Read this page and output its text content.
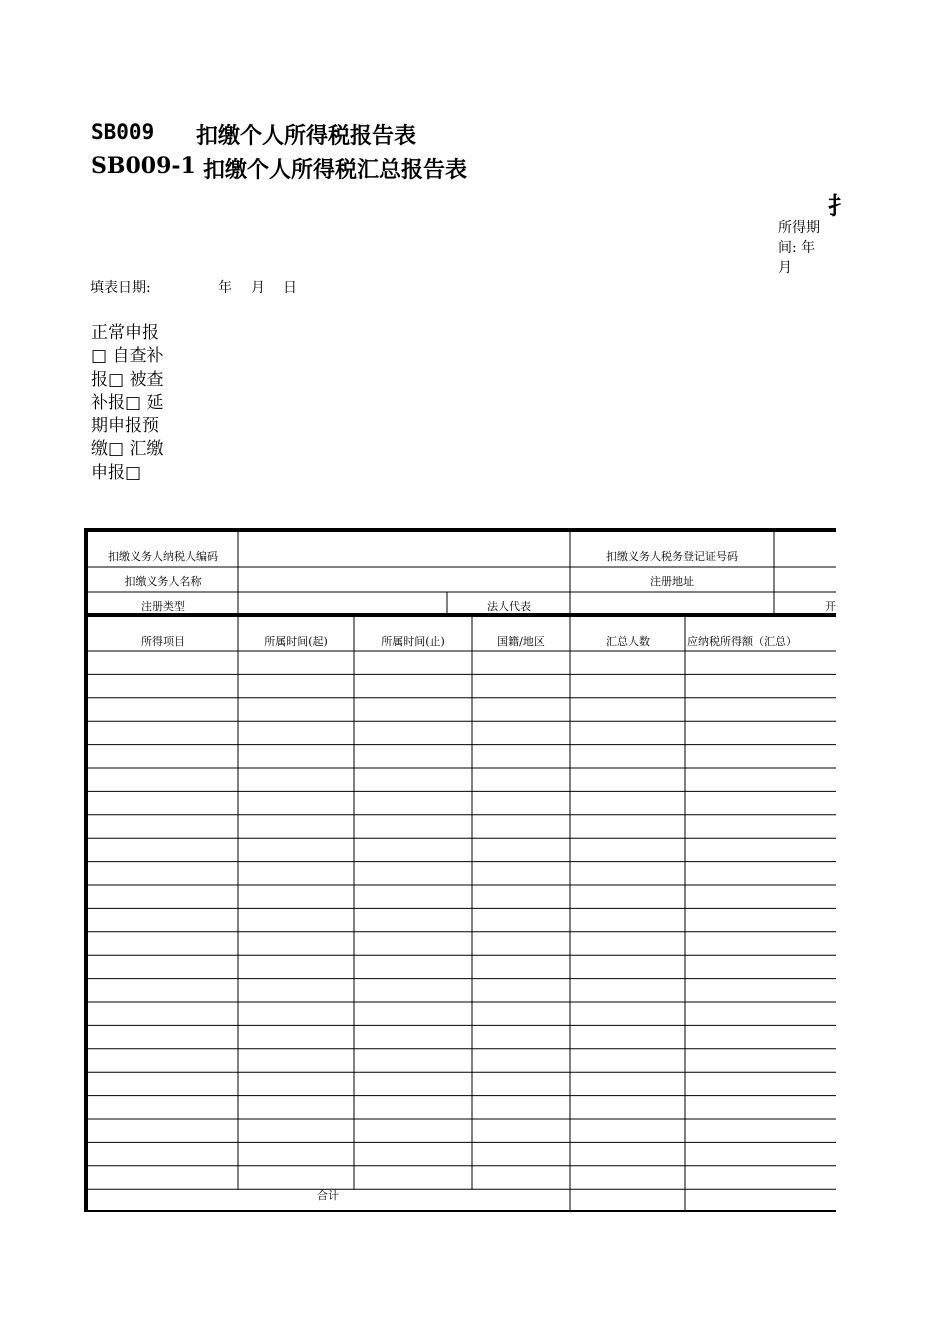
SB009 扣缴个人所得税报告表
SB009-1 扣缴个人所得税汇总报告表
扌
所得期间: 年 月
填表日期:	年 月 日
正常申报□ 自查补报□ 被查补报□ 延期申报预缴□ 汇缴申报□
扣缴义务人纳税人编码	扣缴义务人税务登记证号码
扣缴义务人名称	注册地址
注册类型	法人代表	开
所得项目	所属时间(起)	所属时间(止)	国籍/地区	汇总人数	应纳税所得额（汇总）
合计
